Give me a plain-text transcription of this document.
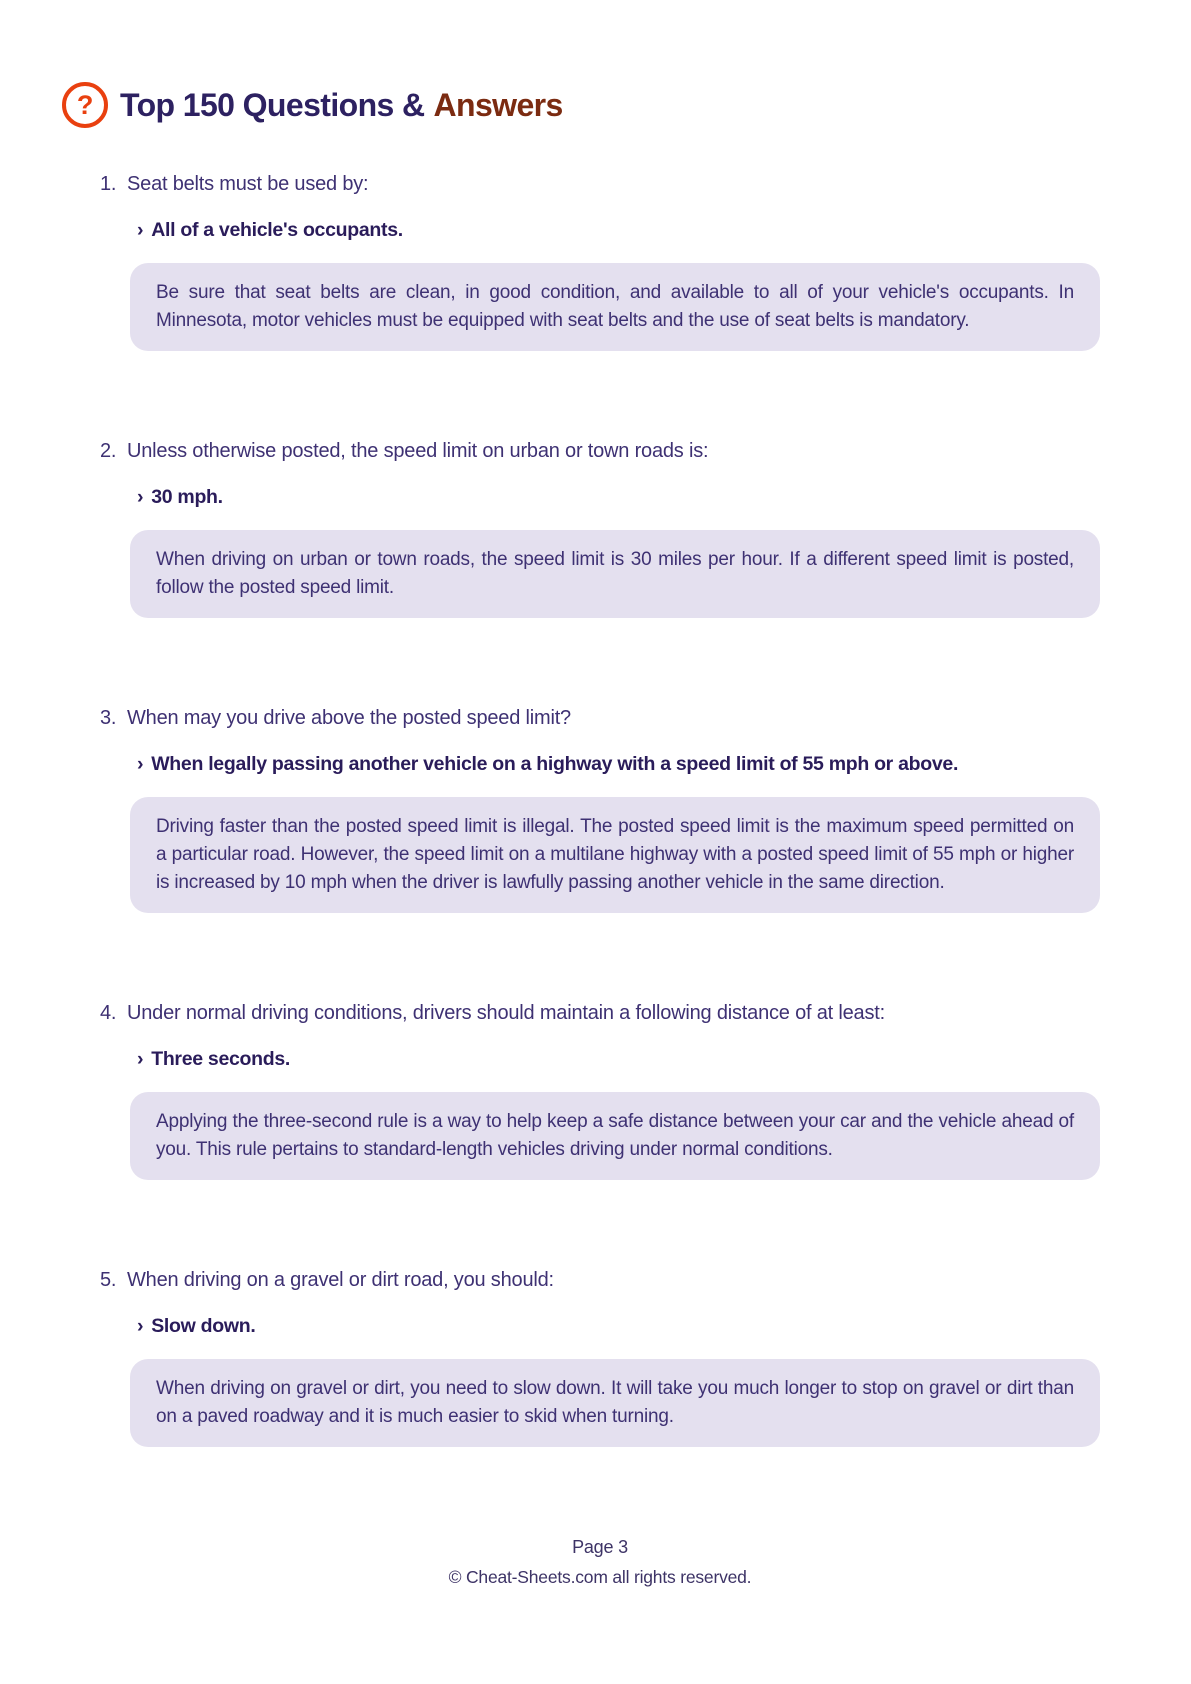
? Top 150 Questions & Answers
1. Seat belts must be used by:
› All of a vehicle's occupants.
Be sure that seat belts are clean, in good condition, and available to all of your vehicle's occupants. In Minnesota, motor vehicles must be equipped with seat belts and the use of seat belts is mandatory.
2. Unless otherwise posted, the speed limit on urban or town roads is:
› 30 mph.
When driving on urban or town roads, the speed limit is 30 miles per hour. If a different speed limit is posted, follow the posted speed limit.
3. When may you drive above the posted speed limit?
› When legally passing another vehicle on a highway with a speed limit of 55 mph or above.
Driving faster than the posted speed limit is illegal. The posted speed limit is the maximum speed permitted on a particular road. However, the speed limit on a multilane highway with a posted speed limit of 55 mph or higher is increased by 10 mph when the driver is lawfully passing another vehicle in the same direction.
4. Under normal driving conditions, drivers should maintain a following distance of at least:
› Three seconds.
Applying the three-second rule is a way to help keep a safe distance between your car and the vehicle ahead of you. This rule pertains to standard-length vehicles driving under normal conditions.
5. When driving on a gravel or dirt road, you should:
› Slow down.
When driving on gravel or dirt, you need to slow down. It will take you much longer to stop on gravel or dirt than on a paved roadway and it is much easier to skid when turning.
Page 3
© Cheat-Sheets.com all rights reserved.
